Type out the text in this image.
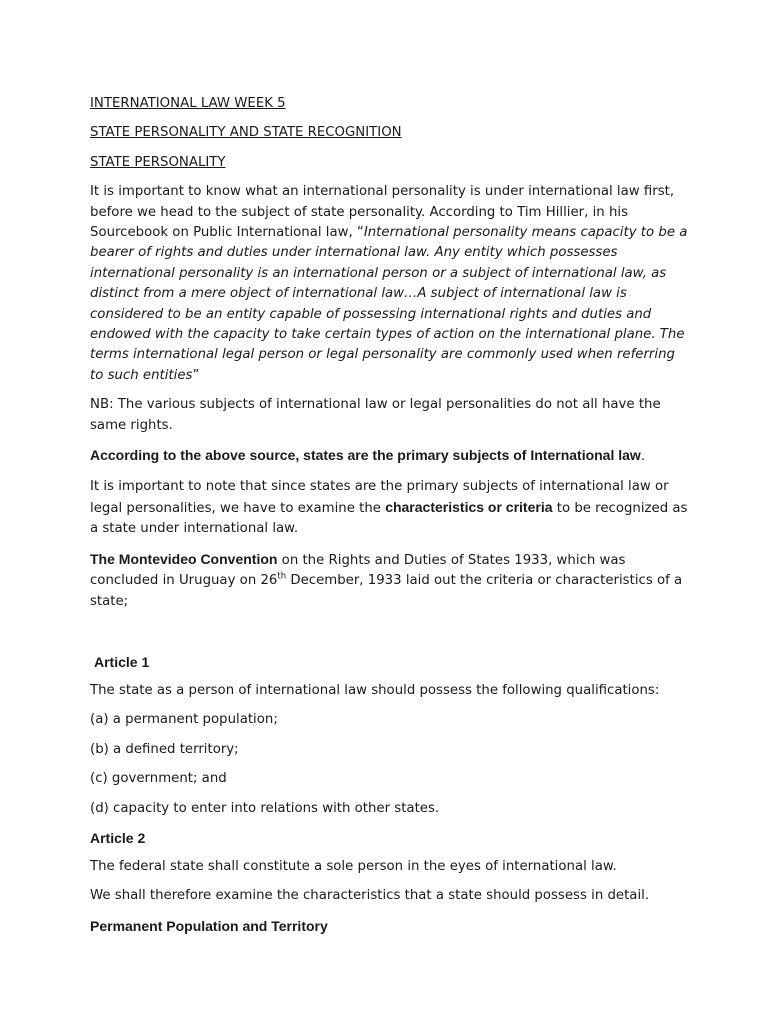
INTERNATIONAL LAW WEEK 5

STATE PERSONALITY AND STATE RECOGNITION

STATE PERSONALITY

It is important to know what an international personality is under international law first, before we head to the subject of state personality. According to Tim Hillier, in his Sourcebook on Public International law, “International personality means capacity to be a bearer of rights and duties under international law. Any entity which possesses international personality is an international person or a subject of international law, as distinct from a mere object of international law…A subject of international law is considered to be an entity capable of possessing international rights and duties and endowed with the capacity to take certain types of action on the international plane. The terms international legal person or legal personality are commonly used when referring to such entities”

NB: The various subjects of international law or legal personalities do not all have the same rights.

According to the above source, states are the primary subjects of International law.

It is important to note that since states are the primary subjects of international law or legal personalities, we have to examine the characteristics or criteria to be recognized as a state under international law.

The Montevideo Convention on the Rights and Duties of States 1933, which was concluded in Uruguay on 26th December, 1933 laid out the criteria or characteristics of a state;

Article 1

The state as a person of international law should possess the following qualifications:

(a) a permanent population;

(b) a defined territory;

(c) government; and

(d) capacity to enter into relations with other states.

Article 2

The federal state shall constitute a sole person in the eyes of international law.

We shall therefore examine the characteristics that a state should possess in detail.

Permanent Population and Territory
